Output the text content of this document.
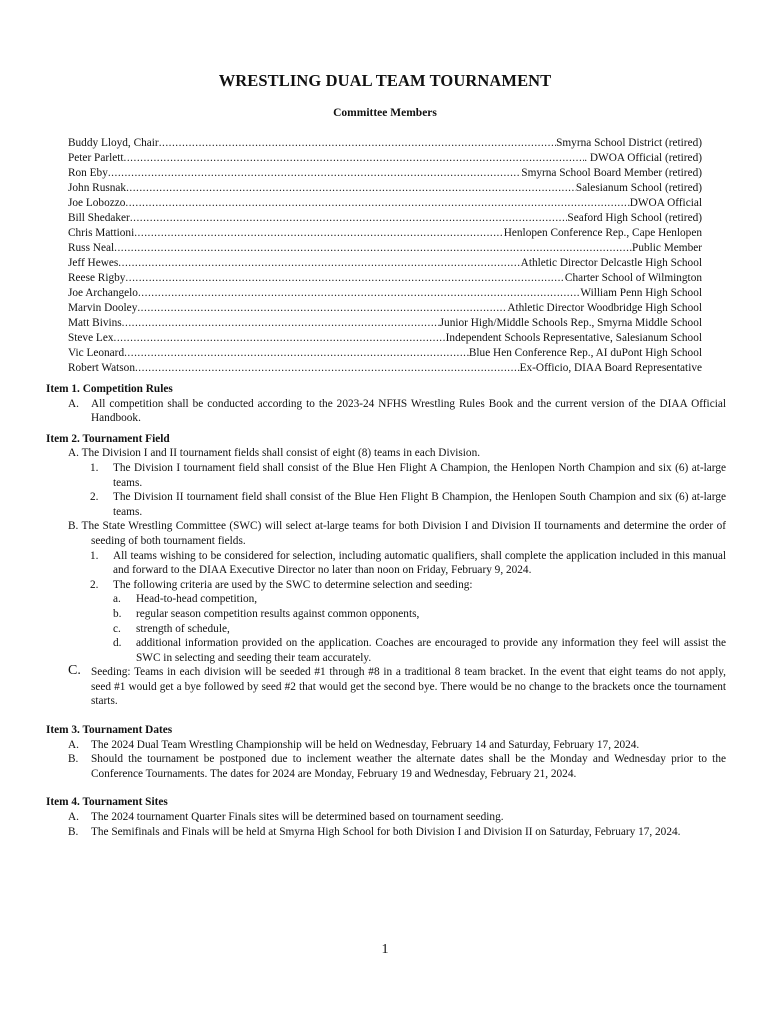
WRESTLING DUAL TEAM TOURNAMENT
Committee Members
Buddy Lloyd, Chair .....	Smyrna School District (retired)
Peter Parlett .....	. DWOA Official (retired)
Ron Eby .....	Smyrna School Board Member (retired)
John Rusnak .....	Salesianum School (retired)
Joe Lobozzo .....	DWOA Official
Bill Shedaker .....	Seaford High School (retired)
Chris Mattioni .....	Henlopen Conference Rep., Cape Henlopen
Russ Neal .....	Public Member
Jeff Hewes .....	Athletic Director Delcastle High School
Reese Rigby .....	Charter School of Wilmington
Joe Archangelo .....	William Penn High School
Marvin Dooley .....	Athletic Director Woodbridge High School
Matt Bivins .....	Junior High/Middle Schools Rep., Smyrna Middle School
Steve Lex .....	Independent Schools Representative, Salesianum School
Vic Leonard .....	Blue Hen Conference Rep., AI duPont High School
Robert Watson .....	Ex-Officio, DIAA Board Representative
Item 1. Competition Rules
A. All competition shall be conducted according to the 2023-24 NFHS Wrestling Rules Book and the current version of the DIAA Official Handbook.
Item 2. Tournament Field
A. The Division I and II tournament fields shall consist of eight (8) teams in each Division.
1. The Division I tournament field shall consist of the Blue Hen Flight A Champion, the Henlopen North Champion and six (6) at-large teams.
2. The Division II tournament field shall consist of the Blue Hen Flight B Champion, the Henlopen South Champion and six (6) at-large teams.
B. The State Wrestling Committee (SWC) will select at-large teams for both Division I and Division II tournaments and determine the order of seeding of both tournament fields.
1. All teams wishing to be considered for selection, including automatic qualifiers, shall complete the application included in this manual and forward to the DIAA Executive Director no later than noon on Friday, February 9, 2024.
2. The following criteria are used by the SWC to determine selection and seeding:
a. Head-to-head competition,
b. regular season competition results against common opponents,
c. strength of schedule,
d. additional information provided on the application. Coaches are encouraged to provide any information they feel will assist the SWC in selecting and seeding their team accurately.
C. Seeding: Teams in each division will be seeded #1 through #8 in a traditional 8 team bracket. In the event that eight teams do not apply, seed #1 would get a bye followed by seed #2 that would get the second bye. There would be no change to the brackets once the tournament starts.
Item 3. Tournament Dates
A. The 2024 Dual Team Wrestling Championship will be held on Wednesday, February 14 and Saturday, February 17, 2024.
B. Should the tournament be postponed due to inclement weather the alternate dates shall be the Monday and Wednesday prior to the Conference Tournaments. The dates for 2024 are Monday, February 19 and Wednesday, February 21, 2024.
Item 4. Tournament Sites
A. The 2024 tournament Quarter Finals sites will be determined based on tournament seeding.
B. The Semifinals and Finals will be held at Smyrna High School for both Division I and Division II on Saturday, February 17, 2024.
1
